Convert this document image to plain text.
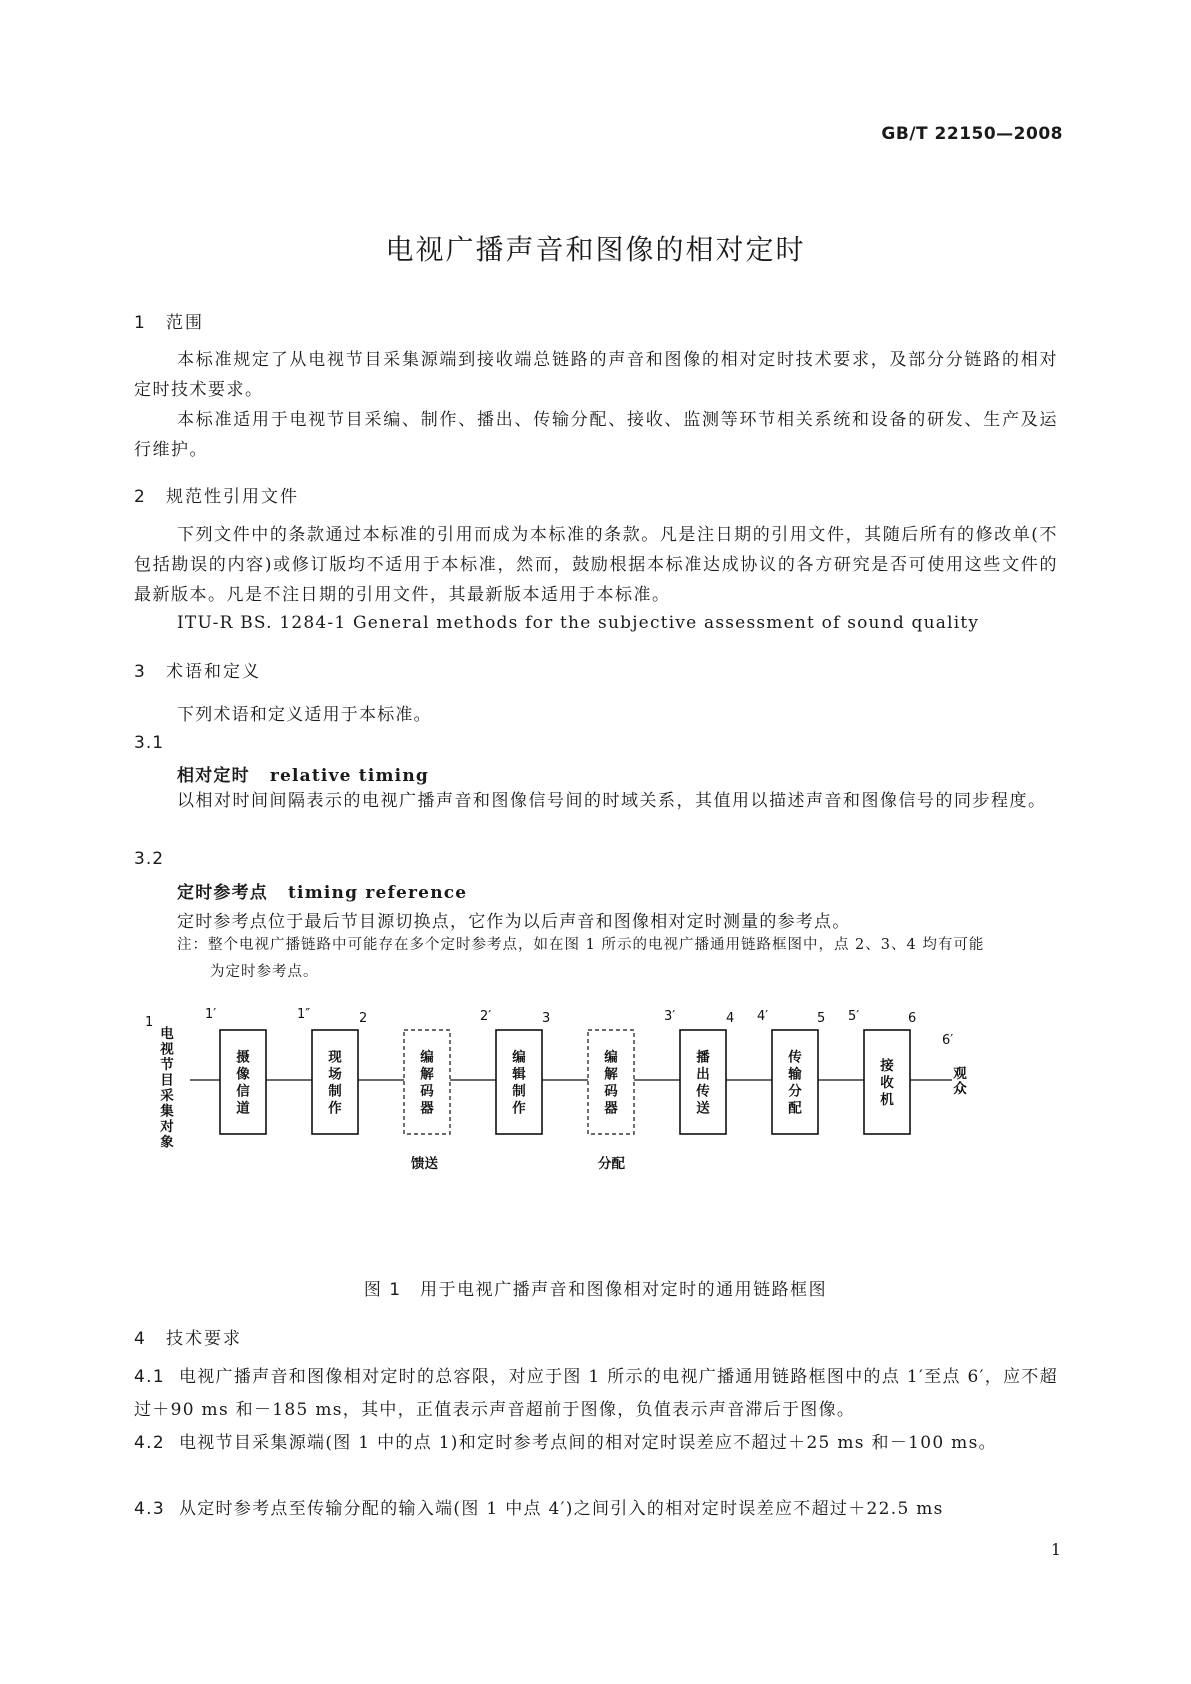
GB/T 22150—2008
电视广播声音和图像的相对定时
1 范围
本标准规定了从电视节目采集源端到接收端总链路的声音和图像的相对定时技术要求，及部分分链路的相对定时技术要求。
本标准适用于电视节目采编、制作、播出、传输分配、接收、监测等环节相关系统和设备的研发、生产及运行维护。
2 规范性引用文件
下列文件中的条款通过本标准的引用而成为本标准的条款。凡是注日期的引用文件，其随后所有的修改单(不包括勘误的内容)或修订版均不适用于本标准，然而，鼓励根据本标准达成协议的各方研究是否可使用这些文件的最新版本。凡是不注日期的引用文件，其最新版本适用于本标准。
ITU-R BS. 1284-1 General methods for the subjective assessment of sound quality
3 术语和定义
下列术语和定义适用于本标准。
3.1
相对定时 relative timing
以相对时间间隔表示的电视广播声音和图像信号间的时域关系，其值用以描述声音和图像信号的同步程度。
3.2
定时参考点 timing reference
定时参考点位于最后节目源切换点，它作为以后声音和图像相对定时测量的参考点。
注：整个电视广播链路中可能存在多个定时参考点，如在图 1 所示的电视广播通用链路框图中，点 2、3、4 均有可能
为定时参考点。
1
1′	1″	2	2′	3	3′	4 4′	5 5′	6
6′
摄像信道
现场制作
编解码器
编辑制作
编解码器
播出传送
传输分配
接收机
电视节目采集对象
观众
馈送	分配
图 1　用于电视广播声音和图像相对定时的通用链路框图
4 技术要求
4.1 电视广播声音和图像相对定时的总容限，对应于图 1 所示的电视广播通用链路框图中的点 1′至点 6′，应不超过＋90 ms 和－185 ms，其中，正值表示声音超前于图像，负值表示声音滞后于图像。
4.2 电视节目采集源端(图 1 中的点 1)和定时参考点间的相对定时误差应不超过＋25 ms 和－100 ms。
4.3 从定时参考点至传输分配的输入端(图 1 中点 4′)之间引入的相对定时误差应不超过＋22.5 ms
1
